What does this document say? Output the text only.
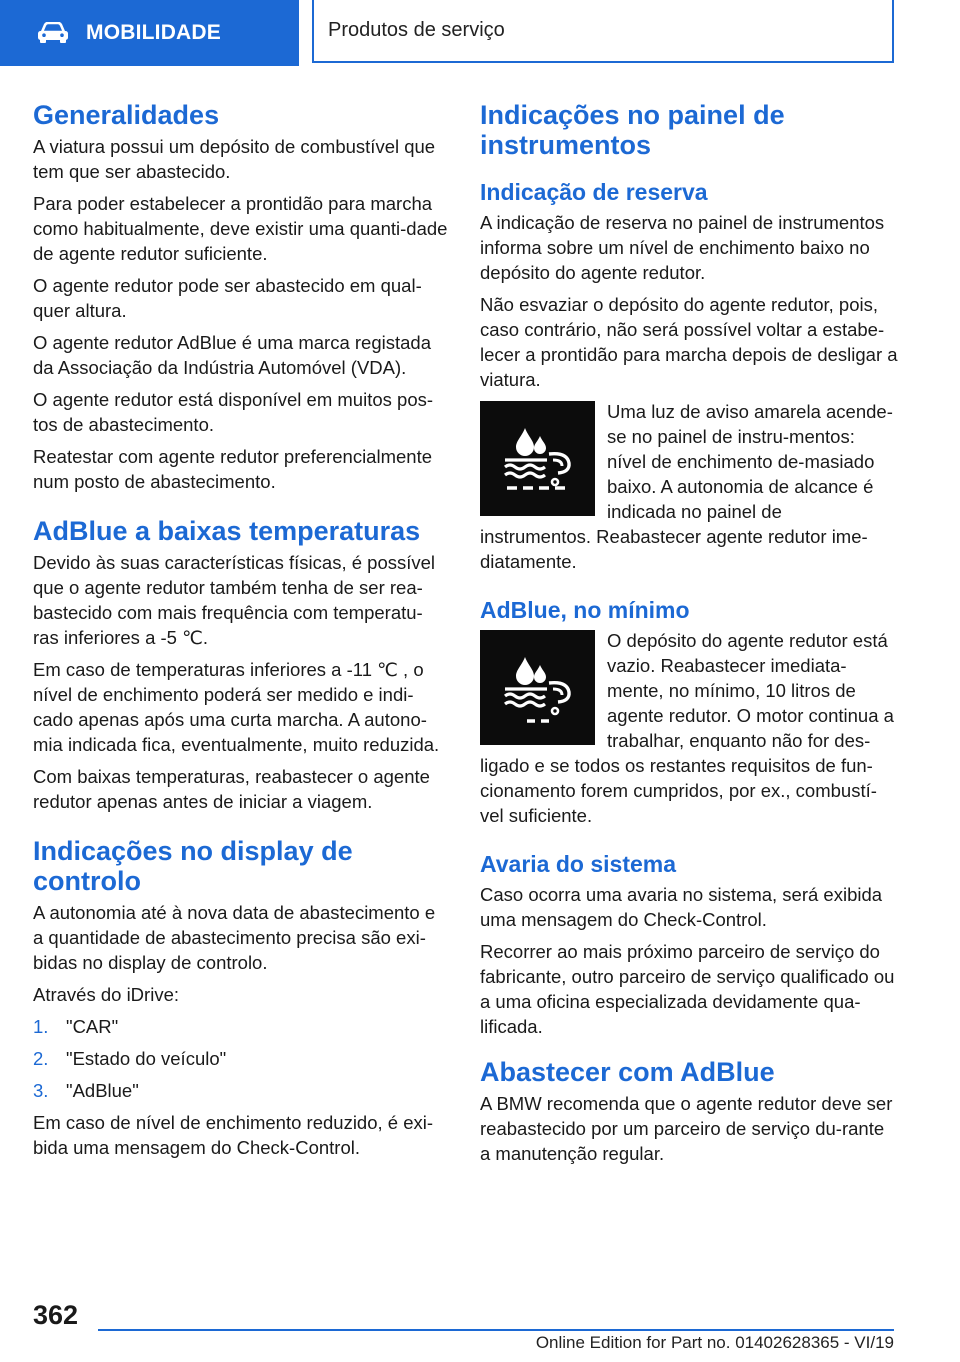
MOBILIDADE	Produtos de serviço
Generalidades

A viatura possui um depósito de combustível que tem que ser abastecido.

Para poder estabelecer a prontidão para marcha como habitualmente, deve existir uma quanti-dade de agente redutor suficiente.

O agente redutor pode ser abastecido em qual-quer altura.

O agente redutor AdBlue é uma marca registada da Associação da Indústria Automóvel (VDA).

O agente redutor está disponível em muitos pos-tos de abastecimento.

Reatestar com agente redutor preferencialmente num posto de abastecimento.

AdBlue a baixas temperaturas

Devido às suas características físicas, é possível que o agente redutor também tenha de ser rea-bastecido com mais frequência com temperatu-ras inferiores a -5 ℃.

Em caso de temperaturas inferiores a -11 ℃ , o nível de enchimento poderá ser medido e indi-cado apenas após uma curta marcha. A autono-mia indicada fica, eventualmente, muito reduzida.

Com baixas temperaturas, reabastecer o agente redutor apenas antes de iniciar a viagem.

Indicações no display de controlo

A autonomia até à nova data de abastecimento e a quantidade de abastecimento precisa são exi-bidas no display de controlo.

Através do iDrive:

1. "CAR"
2. "Estado do veículo"
3. "AdBlue"

Em caso de nível de enchimento reduzido, é exi-bida uma mensagem do Check-Control.

Indicações no painel de instrumentos
Indicação de reserva

A indicação de reserva no painel de instrumentos informa sobre um nível de enchimento baixo no depósito do agente redutor.

Não esvaziar o depósito do agente redutor, pois, caso contrário, não será possível voltar a estabe-lecer a prontidão para marcha depois de desligar a viatura.

Uma luz de aviso amarela acende-se no painel de instru-mentos: nível de enchimento de-masiado baixo. A autonomia de alcance é indicada no painel de instrumentos. Reabastecer agente redutor ime-diatamente.

AdBlue, no mínimo

O depósito do agente redutor está vazio. Reabastecer imediata-mente, no mínimo, 10 litros de agente redutor. O motor continua a trabalhar, enquanto não for des-ligado e se todos os restantes requisitos de fun-cionamento forem cumpridos, por ex., combustí-vel suficiente.

Avaria do sistema

Caso ocorra uma avaria no sistema, será exibida uma mensagem do Check-Control.

Recorrer ao mais próximo parceiro de serviço do fabricante, outro parceiro de serviço qualificado ou a uma oficina especializada devidamente qua-lificada.

Abastecer com AdBlue

A BMW recomenda que o agente redutor deve ser reabastecido por um parceiro de serviço du-rante a manutenção regular.

362
Online Edition for Part no. 01402628365 - VI/19
